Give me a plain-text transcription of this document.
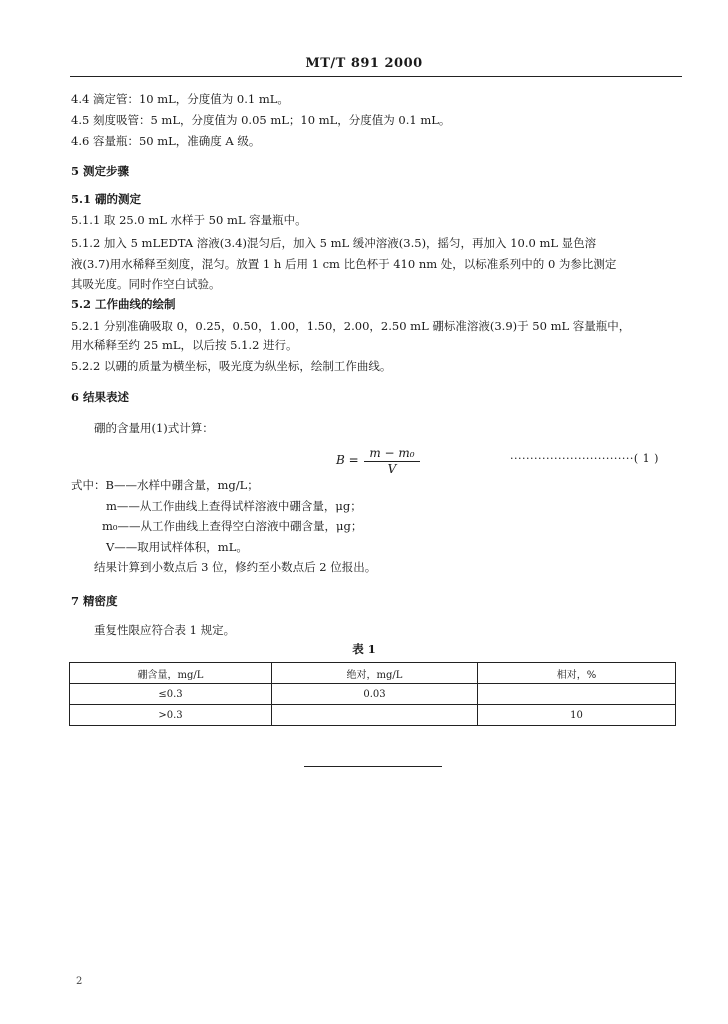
MT/T 891 2000
4.4 滴定管：10 mL，分度值为 0.1 mL。
4.5 刻度吸管：5 mL，分度值为 0.05 mL；10 mL，分度值为 0.1 mL。
4.6 容量瓶：50 mL，准确度 A 级。
5 测定步骤
5.1 硼的测定
5.1.1 取 25.0 mL 水样于 50 mL 容量瓶中。
5.1.2 加入 5 mLEDTA 溶液(3.4)混匀后，加入 5 mL 缓冲溶液(3.5)，摇匀，再加入 10.0 mL 显色溶
液(3.7)用水稀释至刻度，混匀。放置 1 h 后用 1 cm 比色杯于 410 nm 处，以标准系列中的 0 为参比测定
其吸光度。同时作空白试验。
5.2 工作曲线的绘制
5.2.1 分别准确吸取 0，0.25，0.50，1.00，1.50，2.00，2.50 mL 硼标准溶液(3.9)于 50 mL 容量瓶中，
用水稀释至约 25 mL，以后按 5.1.2 进行。
5.2.2 以硼的质量为横坐标，吸光度为纵坐标，绘制工作曲线。
6 结果表述
硼的含量用(1)式计算：
$B = \frac{\text{m − m₀}}{V}$	·······························( 1 )
式中：B——水样中硼含量，mg/L；
m——从工作曲线上查得试样溶液中硼含量，μg；
m₀——从工作曲线上查得空白溶液中硼含量，μg；
V——取用试样体积，mL。
结果计算到小数点后 3 位，修约至小数点后 2 位报出。
7 精密度
重复性限应符合表 1 规定。
表 1
硼含量，mg/L	绝对，mg/L	相对，%
≤0.3	0.03	
>0.3		10
2
